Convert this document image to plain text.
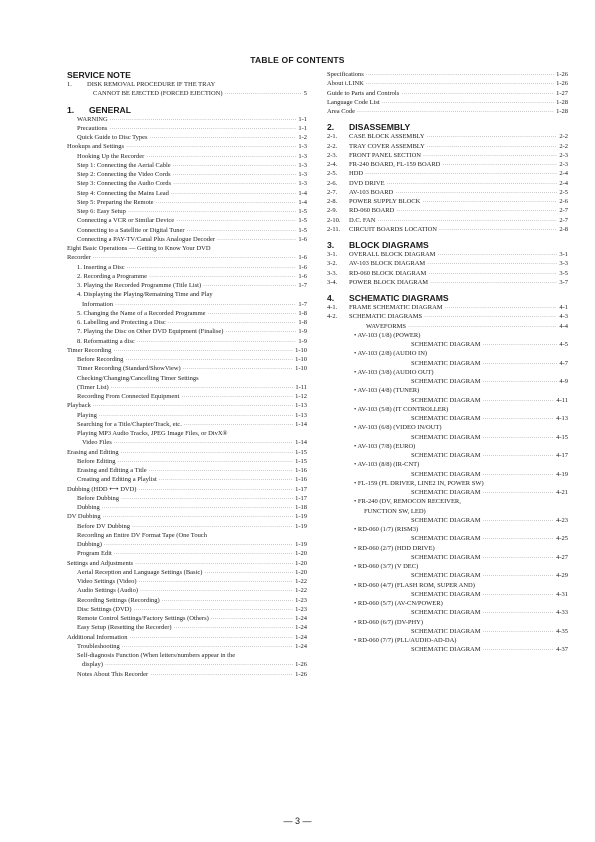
TABLE OF CONTENTS
SERVICE NOTE
1.	DISK REMOVAL PROCEDURE IF THE TRAY
CANNOT BE EJECTED (FORCED EJECTION) ·····	5
1.	GENERAL
WARNING ·····	1-1
Precautions ·····	1-1
Quick Guide to Disc Types ·····	1-2
Hookups and Settings ·····	1-3
Hooking Up the Recorder ·····	1-3
Step 1: Connecting the Aerial Cable ·····	1-3
Step 2: Connecting the Video Cords ·····	1-3
Step 3: Connecting the Audio Cords ·····	1-3
Step 4: Connecting the Mains Lead ·····	1-4
Step 5: Preparing the Remote ·····	1-4
Step 6: Easy Setup ·····	1-5
Connecting a VCR or Similar Device ·····	1-5
Connecting to a Satellite or Digital Tuner ·····	1-5
Connecting a PAY-TV/Canal Plus Analogue Decoder ·····	1-6
Eight Basic Operations — Getting to Know Your DVD
Recorder ·····	1-6
1. Inserting a Disc ·····	1-6
2. Recording a Programme ·····	1-6
3. Playing the Recorded Programme (Title List) ·····	1-7
4. Displaying the Playing/Remaining Time and Play
Information ·····	1-7
5. Changing the Name of a Recorded Programme ·····	1-8
6. Labelling and Protecting a Disc ·····	1-8
7. Playing the Disc on Other DVD Equipment (Finalise) ·····	1-9
8. Reformatting a disc ·····	1-9
Timer Recording ·····	1-10
Before Recording ·····	1-10
Timer Recording (Standard/ShowView) ·····	1-10
Checking/Changing/Cancelling Timer Settings
(Timer List) ·····	1-11
Recording From Connected Equipment ·····	1-12
Playback ·····	1-13
Playing ·····	1-13
Searching for a Title/Chapter/Track, etc. ·····	1-14
Playing MP3 Audio Tracks, JPEG Image Files, or DivX®
Video Files ·····	1-14
Erasing and Editing ·····	1-15
Before Editing ·····	1-15
Erasing and Editing a Title ·····	1-16
Creating and Editing a Playlist ·····	1-16
Dubbing (HDD ⟷ DVD) ·····	1-17
Before Dubbing ·····	1-17
Dubbing ·····	1-18
DV Dubbing ·····	1-19
Before DV Dubbing ·····	1-19
Recording an Entire DV Format Tape (One Touch
Dubbing) ·····	1-19
Program Edit ·····	1-20
Settings and Adjustments ·····	1-20
Aerial Reception and Language Settings (Basic) ·····	1-20
Video Settings (Video) ·····	1-22
Audio Settings (Audio) ·····	1-22
Recording Settings (Recording) ·····	1-23
Disc Settings (DVD) ·····	1-23
Remote Control Settings/Factory Settings (Others) ·····	1-24
Easy Setup (Resetting the Recorder) ·····	1-24
Additional Information ·····	1-24
Troubleshooting ·····	1-24
Self-diagnosis Function (When letters/numbers appear in the
display) ·····	1-26
Notes About This Recorder ·····	1-26
Specifications ·····	1-26
About i.LINK ·····	1-26
Guide to Parts and Controls ·····	1-27
Language Code List ·····	1-28
Area Code ·····	1-28
2.	DISASSEMBLY
2-1.	CASE BLOCK ASSEMBLY ·····	2-2
2-2.	TRAY COVER ASSEMBLY ·····	2-2
2-3.	FRONT PANEL SECTION ·····	2-3
2-4.	FR-240 BOARD, FL-159 BOARD ·····	2-3
2-5.	HDD ·····	2-4
2-6.	DVD DRIVE ·····	2-4
2-7.	AV-103 BOARD ·····	2-5
2-8.	POWER SUPPLY BLOCK ·····	2-6
2-9.	RD-060 BOARD ·····	2-7
2-10.	D.C. FAN ·····	2-7
2-11.	CIRCUIT BOARDS LOCATION ·····	2-8
3.	BLOCK DIAGRAMS
3-1.	OVERALL BLOCK DIAGRAM ·····	3-1
3-2.	AV-103 BLOCK DIAGRAM ·····	3-3
3-3.	RD-060 BLOCK DIAGRAM ·····	3-5
3-4.	POWER BLOCK DIAGRAM ·····	3-7
4.	SCHEMATIC DIAGRAMS
4-1.	FRAME SCHEMATIC DIAGRAM ·····	4-1
4-2.	SCHEMATIC DIAGRAMS ·····	4-3
WAVEFORMS ·····	4-4
• AV-103 (1/8) (POWER)
SCHEMATIC DIAGRAM ·····	4-5
• AV-103 (2/8) (AUDIO IN)
SCHEMATIC DIAGRAM ·····	4-7
• AV-103 (3/8) (AUDIO OUT)
SCHEMATIC DIAGRAM ·····	4-9
• AV-103 (4/8) (TUNER)
SCHEMATIC DIAGRAM ·····	4-11
• AV-103 (5/8) (IT CONTROLLER)
SCHEMATIC DIAGRAM ·····	4-13
• AV-103 (6/8) (VIDEO IN/OUT)
SCHEMATIC DIAGRAM ·····	4-15
• AV-103 (7/8) (EURO)
SCHEMATIC DIAGRAM ·····	4-17
• AV-103 (8/8) (IR-CNT)
SCHEMATIC DIAGRAM ·····	4-19
• FL-159 (FL DRIVER, LINE2 IN, POWER SW)
SCHEMATIC DIAGRAM ·····	4-21
• FR-240 (DV, REMOCON RECEIVER,
FUNCTION SW, LED)
SCHEMATIC DIAGRAM ·····	4-23
• RD-060 (1/7) (RISM3)
SCHEMATIC DIAGRAM ·····	4-25
• RD-060 (2/7) (HDD DRIVE)
SCHEMATIC DIAGRAM ·····	4-27
• RD-060 (3/7) (V DEC)
SCHEMATIC DIAGRAM ·····	4-29
• RD-060 (4/7) (FLASH ROM, SUPER AND)
SCHEMATIC DIAGRAM ·····	4-31
• RD-060 (5/7) (AV-CN/POWER)
SCHEMATIC DIAGRAM ·····	4-33
• RD-060 (6/7) (DV-PHY)
SCHEMATIC DIAGRAM ·····	4-35
• RD-060 (7/7) (PLL/AUDIO-AD-DA)
SCHEMATIC DIAGRAM ·····	4-37
— 3 —
